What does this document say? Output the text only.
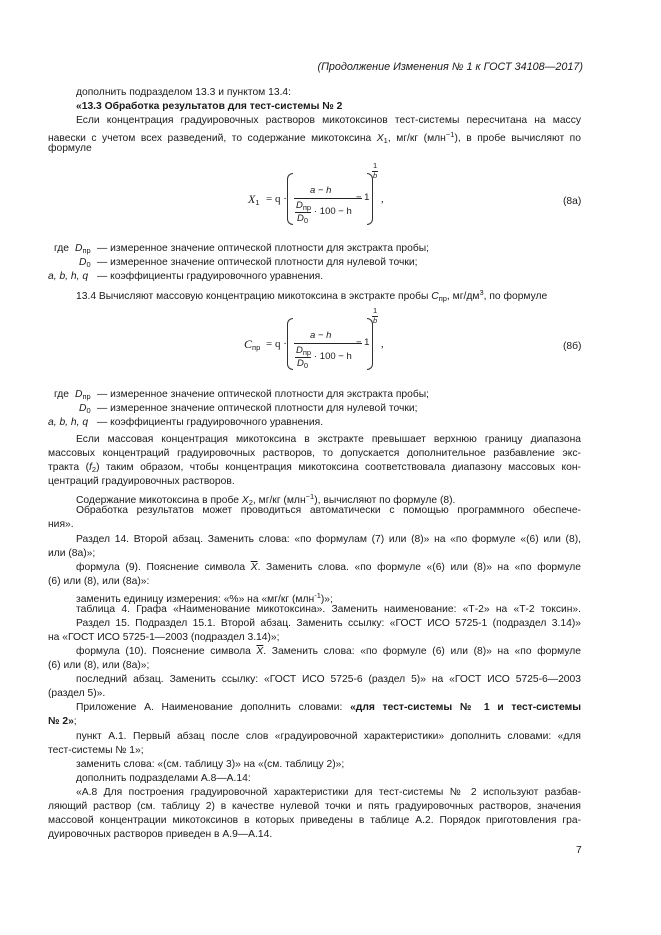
(Продолжение Изменения № 1 к ГОСТ 34108—2017)
дополнить подразделом 13.3 и пунктом 13.4:
«13.3 Обработка результатов для тест-системы № 2
Если концентрация градуировочных растворов микотоксинов тест-системы пересчитана на массу
навески с учетом всех разведений, то содержание микотоксина $X_1$, мг/кг (млн$^{-1}$), в пробе вычисляют по
формуле
$X_1 = q$ ·
a − h
$D_{пр}$
$D_0$
· 100 − h
− 1
1
b
,	(8а)
где $D_{пр}$ — измеренное значение оптической плотности для экстракта пробы;
$D_0$ — измеренное значение оптической плотности для нулевой точки;
a, b, h, q — коэффициенты градуировочного уравнения.
13.4 Вычисляют массовую концентрацию микотоксина в экстракте пробы $C_{пр}$, $мг/дм^3$, по формуле
$C_{пр} = q$ ·
a − h
$D_{пр}$
$D_0$
· 100 − h
− 1
1
b
,	(8б)
где $D_{пр}$ — измеренное значение оптической плотности для экстракта пробы;
$D_0$ — измеренное значение оптической плотности для нулевой точки;
a, b, h, q — коэффициенты градуировочного уравнения.
Если массовая концентрация микотоксина в экстракте превышает верхнюю границу диапазона
массовых концентраций градуировочных растворов, то допускается дополнительное разбавление экс-
тракта $(f_2)$ таким образом, чтобы концентрация микотоксина соответствовала диапазону массовых кон-
центраций градуировочных растворов.
Содержание микотоксина в пробе $X_2$, мг/кг (млн$^{-1}$), вычисляют по формуле (8).
Обработка результатов может проводиться автоматически с помощью программного обеспече-
ния».
Раздел 14. Второй абзац. Заменить слова: «по формулам (7) или (8)» на «по формуле «(6) или (8),
или (8а)»;
формула (9). Пояснение символа $\overline{X}$. Заменить слова. «по формуле «(6) или (8)» на «по формуле
(6) или (8), или (8а)»:
заменить единицу измерения: «%» на «мг/кг (млн$^{-1}$)»;
таблица 4. Графа «Наименование микотоксина». Заменить наименование: «Т-2» на «Т-2 токсин».
Раздел 15. Подраздел 15.1. Второй абзац. Заменить ссылку: «ГОСТ ИСО 5725-1 (подраздел 3.14)»
на «ГОСТ ИСО 5725-1—2003 (подраздел 3.14)»;
формула (10). Пояснение символа $\overline{X}$. Заменить слова: «по формуле (6) или (8)» на «по формуле
(6) или (8), или (8а)»;
последний абзац. Заменить ссылку: «ГОСТ ИСО 5725-6 (раздел 5)» на «ГОСТ ИСО 5725-6—2003
(раздел 5)».
Приложение А. Наименование дополнить словами: «для тест-системы № 1 и тест-системы
№ 2»;
пункт А.1. Первый абзац после слов «градуировочной характеристики» дополнить словами: «для
тест-системы № 1»;
заменить слова: «(см. таблицу 3)» на «(см. таблицу 2)»;
дополнить подразделами А.8—А.14:
«А.8 Для построения градуировочной характеристики для тест-системы № 2 используют разбав-
ляющий раствор (см. таблицу 2) в качестве нулевой точки и пять градуировочных растворов, значения
массовой концентрации микотоксинов в которых приведены в таблице А.2. Порядок приготовления гра-
дуировочных растворов приведен в А.9—А.14.
7
